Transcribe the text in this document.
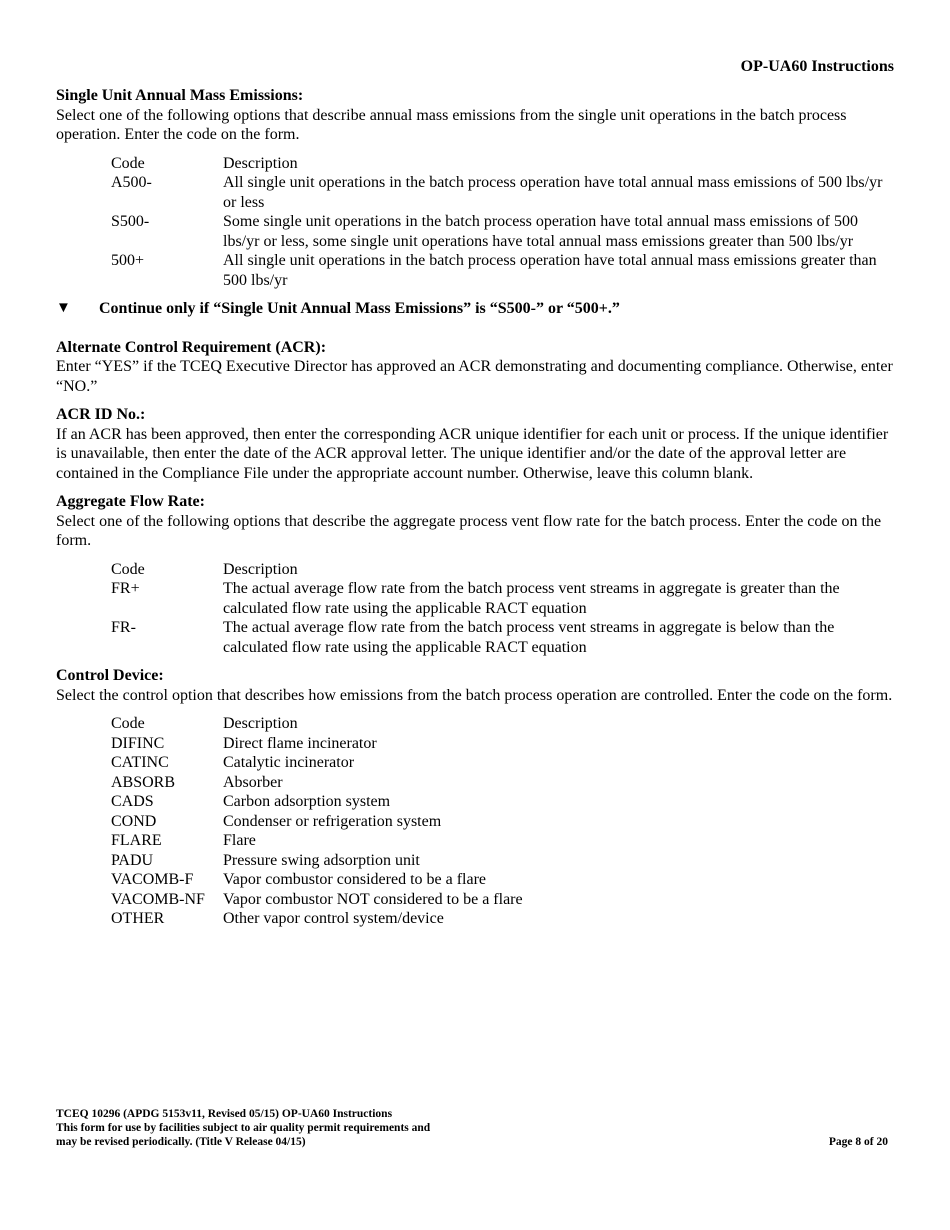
OP-UA60 Instructions

Single Unit Annual Mass Emissions:

Select one of the following options that describe annual mass emissions from the single unit operations in the batch process operation. Enter the code on the form.

Code	Description
A500-	All single unit operations in the batch process operation have total annual mass emissions of 500 lbs/yr or less
S500-	Some single unit operations in the batch process operation have total annual mass emissions of 500 lbs/yr or less, some single unit operations have total annual mass emissions greater than 500 lbs/yr
500+	All single unit operations in the batch process operation have total annual mass emissions greater than 500 lbs/yr
▼	Continue only if “Single Unit Annual Mass Emissions” is “S500-” or “500+.”

Alternate Control Requirement (ACR):

Enter “YES” if the TCEQ Executive Director has approved an ACR demonstrating and documenting compliance. Otherwise, enter “NO.”

ACR ID No.:

If an ACR has been approved, then enter the corresponding ACR unique identifier for each unit or process. If the unique identifier is unavailable, then enter the date of the ACR approval letter. The unique identifier and/or the date of the approval letter are contained in the Compliance File under the appropriate account number. Otherwise, leave this column blank.

Aggregate Flow Rate:

Select one of the following options that describe the aggregate process vent flow rate for the batch process. Enter the code on the form.

Code	Description
FR+	The actual average flow rate from the batch process vent streams in aggregate is greater than the calculated flow rate using the applicable RACT equation
FR-	The actual average flow rate from the batch process vent streams in aggregate is below than the calculated flow rate using the applicable RACT equation

Control Device:

Select the control option that describes how emissions from the batch process operation are controlled. Enter the code on the form.

Code	Description
DIFINC	Direct flame incinerator
CATINC	Catalytic incinerator
ABSORB	Absorber
CADS	Carbon adsorption system
COND	Condenser or refrigeration system
FLARE	Flare
PADU	Pressure swing adsorption unit
VACOMB-F	Vapor combustor considered to be a flare
VACOMB-NF	Vapor combustor NOT considered to be a flare
OTHER	Other vapor control system/device
TCEQ 10296 (APDG 5153v11, Revised 05/15) OP-UA60 Instructions
This form for use by facilities subject to air quality permit requirements and
may be revised periodically. (Title V Release 04/15)	Page 8 of 20
